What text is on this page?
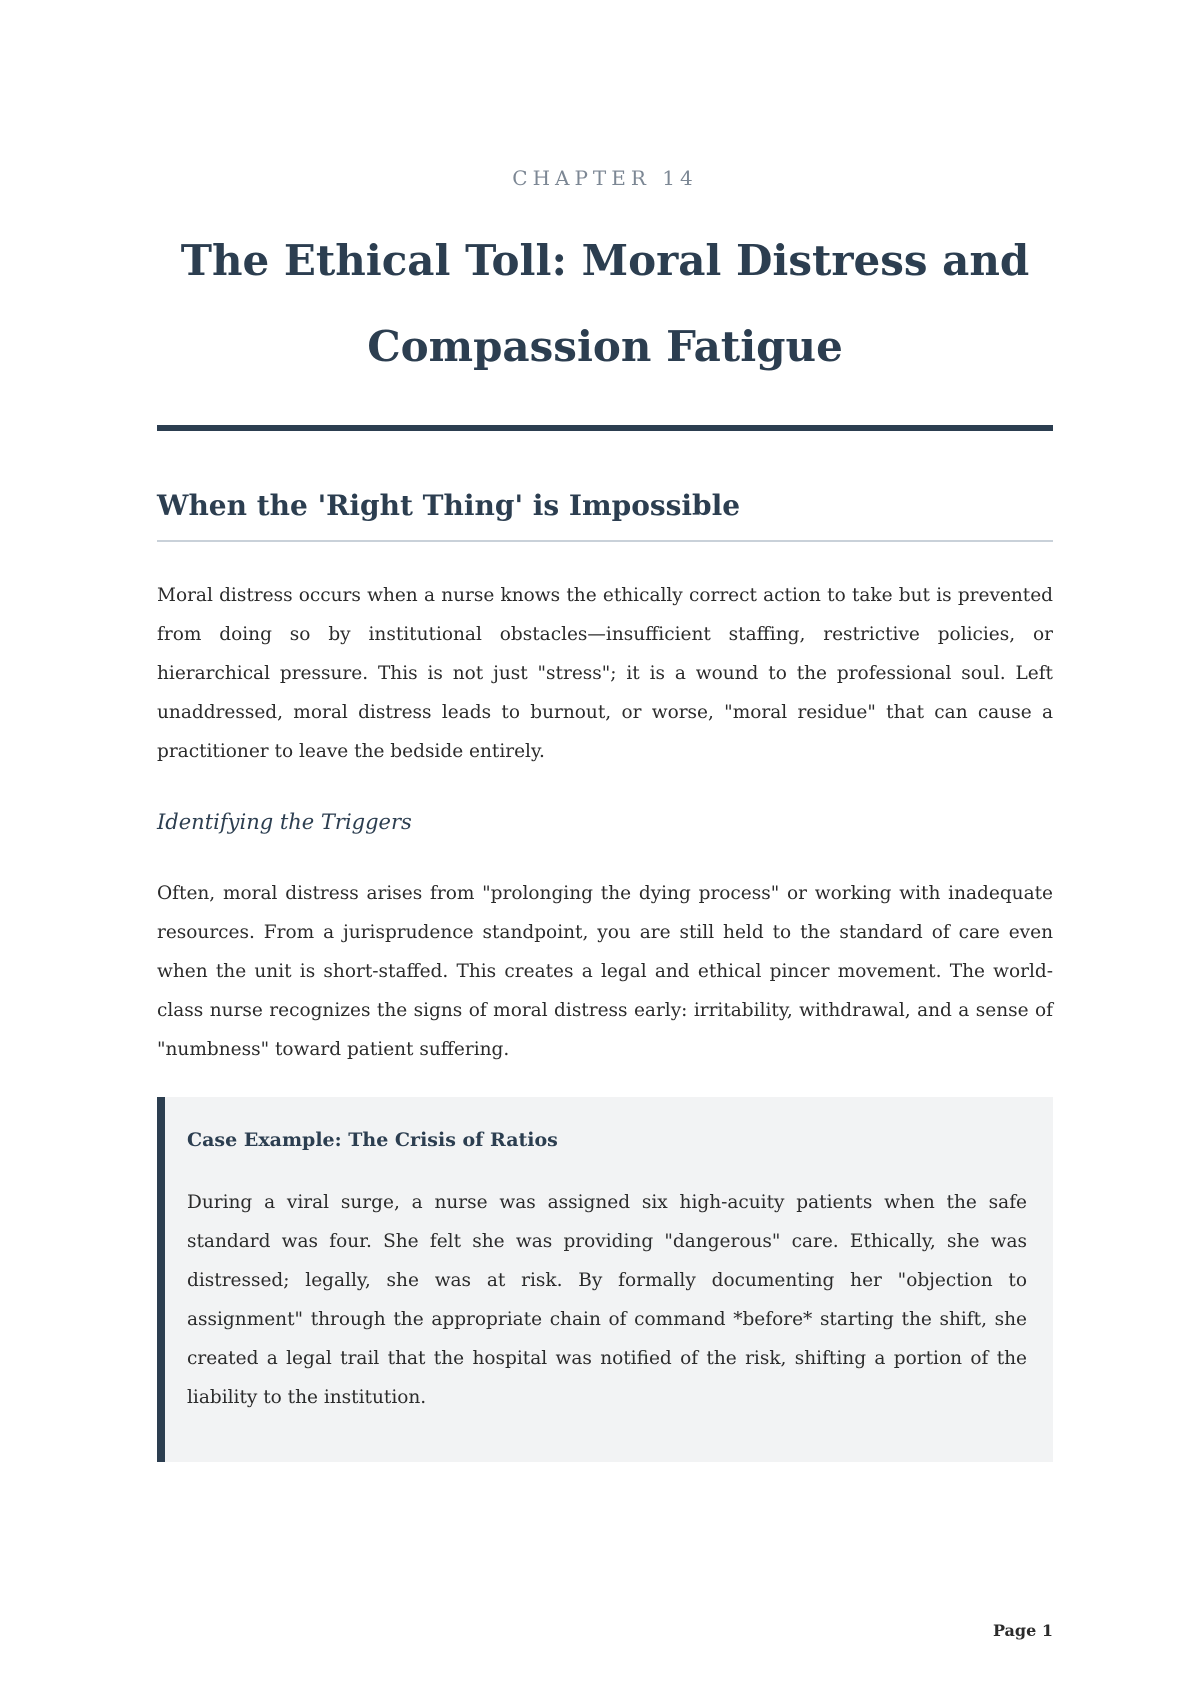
CHAPTER 14
The Ethical Toll: Moral Distress and Compassion Fatigue
When the 'Right Thing' is Impossible

Moral distress occurs when a nurse knows the ethically correct action to take but is prevented from doing so by institutional obstacles—insufficient staffing, restrictive policies, or hierarchical pressure. This is not just "stress"; it is a wound to the professional soul. Left unaddressed, moral distress leads to burnout, or worse, "moral residue" that can cause a practitioner to leave the bedside entirely.

Identifying the Triggers

Often, moral distress arises from "prolonging the dying process" or working with inadequate resources. From a jurisprudence standpoint, you are still held to the standard of care even when the unit is short-staffed. This creates a legal and ethical pincer movement. The world-class nurse recognizes the signs of moral distress early: irritability, withdrawal, and a sense of "numbness" toward patient suffering.

Case Example: The Crisis of Ratios

During a viral surge, a nurse was assigned six high-acuity patients when the safe standard was four. She felt she was providing "dangerous" care. Ethically, she was distressed; legally, she was at risk. By formally documenting her "objection to assignment" through the appropriate chain of command *before* starting the shift, she created a legal trail that the hospital was notified of the risk, shifting a portion of the liability to the institution.

Page 1
